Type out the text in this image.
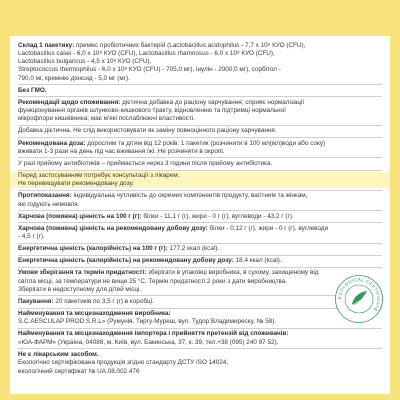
Склад 1 пакетику: премікс пробіотичних бактерій (Lactobacillus acidophilus - 7,7 х 10⁸ КУО (CFU),

Lactobacillus casei - 6,0 х 10⁸ КУО (CFU), Lactobacillus rhamnosus - 6,0 х 10⁸ КУО (CFU),

Lactobacillus bulgaricus - 4,5 х 10⁸ КУО (CFU),

Streptococcus thermophilus - 6,0 х 10⁸ КУО (CFU) - 705,0 мг), інулін - 2000,0 мг), сорбітол -

790,0 мг, кремнію діоксид - 5,0 мг (мг).

Без ГМО.

Рекомендації щодо споживання: дієтична добавка до раціону харчування; сприяє нормалізації

функціонування органів шлунково-кишкового тракту, відновленню та підтримці нормальної

мікрофлори кишківника; має м'які послаблюючі властивості.

Добавка дієтична. Не слід використовувати як заміну повноцінного раціону харчування.

Рекомендована доза: дорослим та дітям від 12 років: 1 пакетик (розчинити в 100 мл(мл)води або соку)

вживати 1-3 рази на день під час вживання їжі. Не розчиняти в окропі.

У разі прийому антибіотиків – приймається через 3 години після прийому антибіотика.

Перед застосуванням потребує консультації з лікарем.

Не перевищувати рекомендовану дозу.

Протипоказання: індивідуальна чутливість до окремих компонентів продукту, вагітним та жінкам,

які годують немовля.

Харчова (поживна) цінність на 100 г (г): білки - 11,1 г (г), жири - 0 г (г), вуглеводи - 43,2 г (г).

Харчова (поживна) цінність на рекомендовану добову дозу: білки - 0,12 г (г), жири - 0 г (г), вуглеводи

- 4,5 г (г).

Енергетична цінність (калорійність) на 100 г (г): 177,2 ккал (kcal).

Енергетична цінність (калорійність) на рекомендовану добову дозу: 18,4 ккал (kcal).

Умови зберігання та термін придатності: зберігати в упаковці виробника, в сухому, захищеному від

світла місці, за температури не вище 25 °С. Термін придатності 2 роки з дати виробництва.

Зберігати в недоступному для дітей місці.

Пакування: 20 пакетиків по 3,5 г (г) в коробці.

Найменування та місцезнаходження виробника:

S.C.AESCULAP PROD S.R.L» (Румунія, Тиргу-Муреш, вул. Тудор Владимиреску, № 58).

Найменування та місцезнаходження імпортера і прийняття претензій від споживачів:

«ЮА-ФАРМ» (Україна, 04086, м. Київ, вул. Бакинська, 37, к. 39, тел.+38 (095) 240 97 52).

Не є лікарським засобом.

Екологічно сертифікована продукція згідно стандарту ДСТУ ISO 14024,

екологічний сертифікат № UA.08.002.476

ECOLOGICAL CERTIFICATE
